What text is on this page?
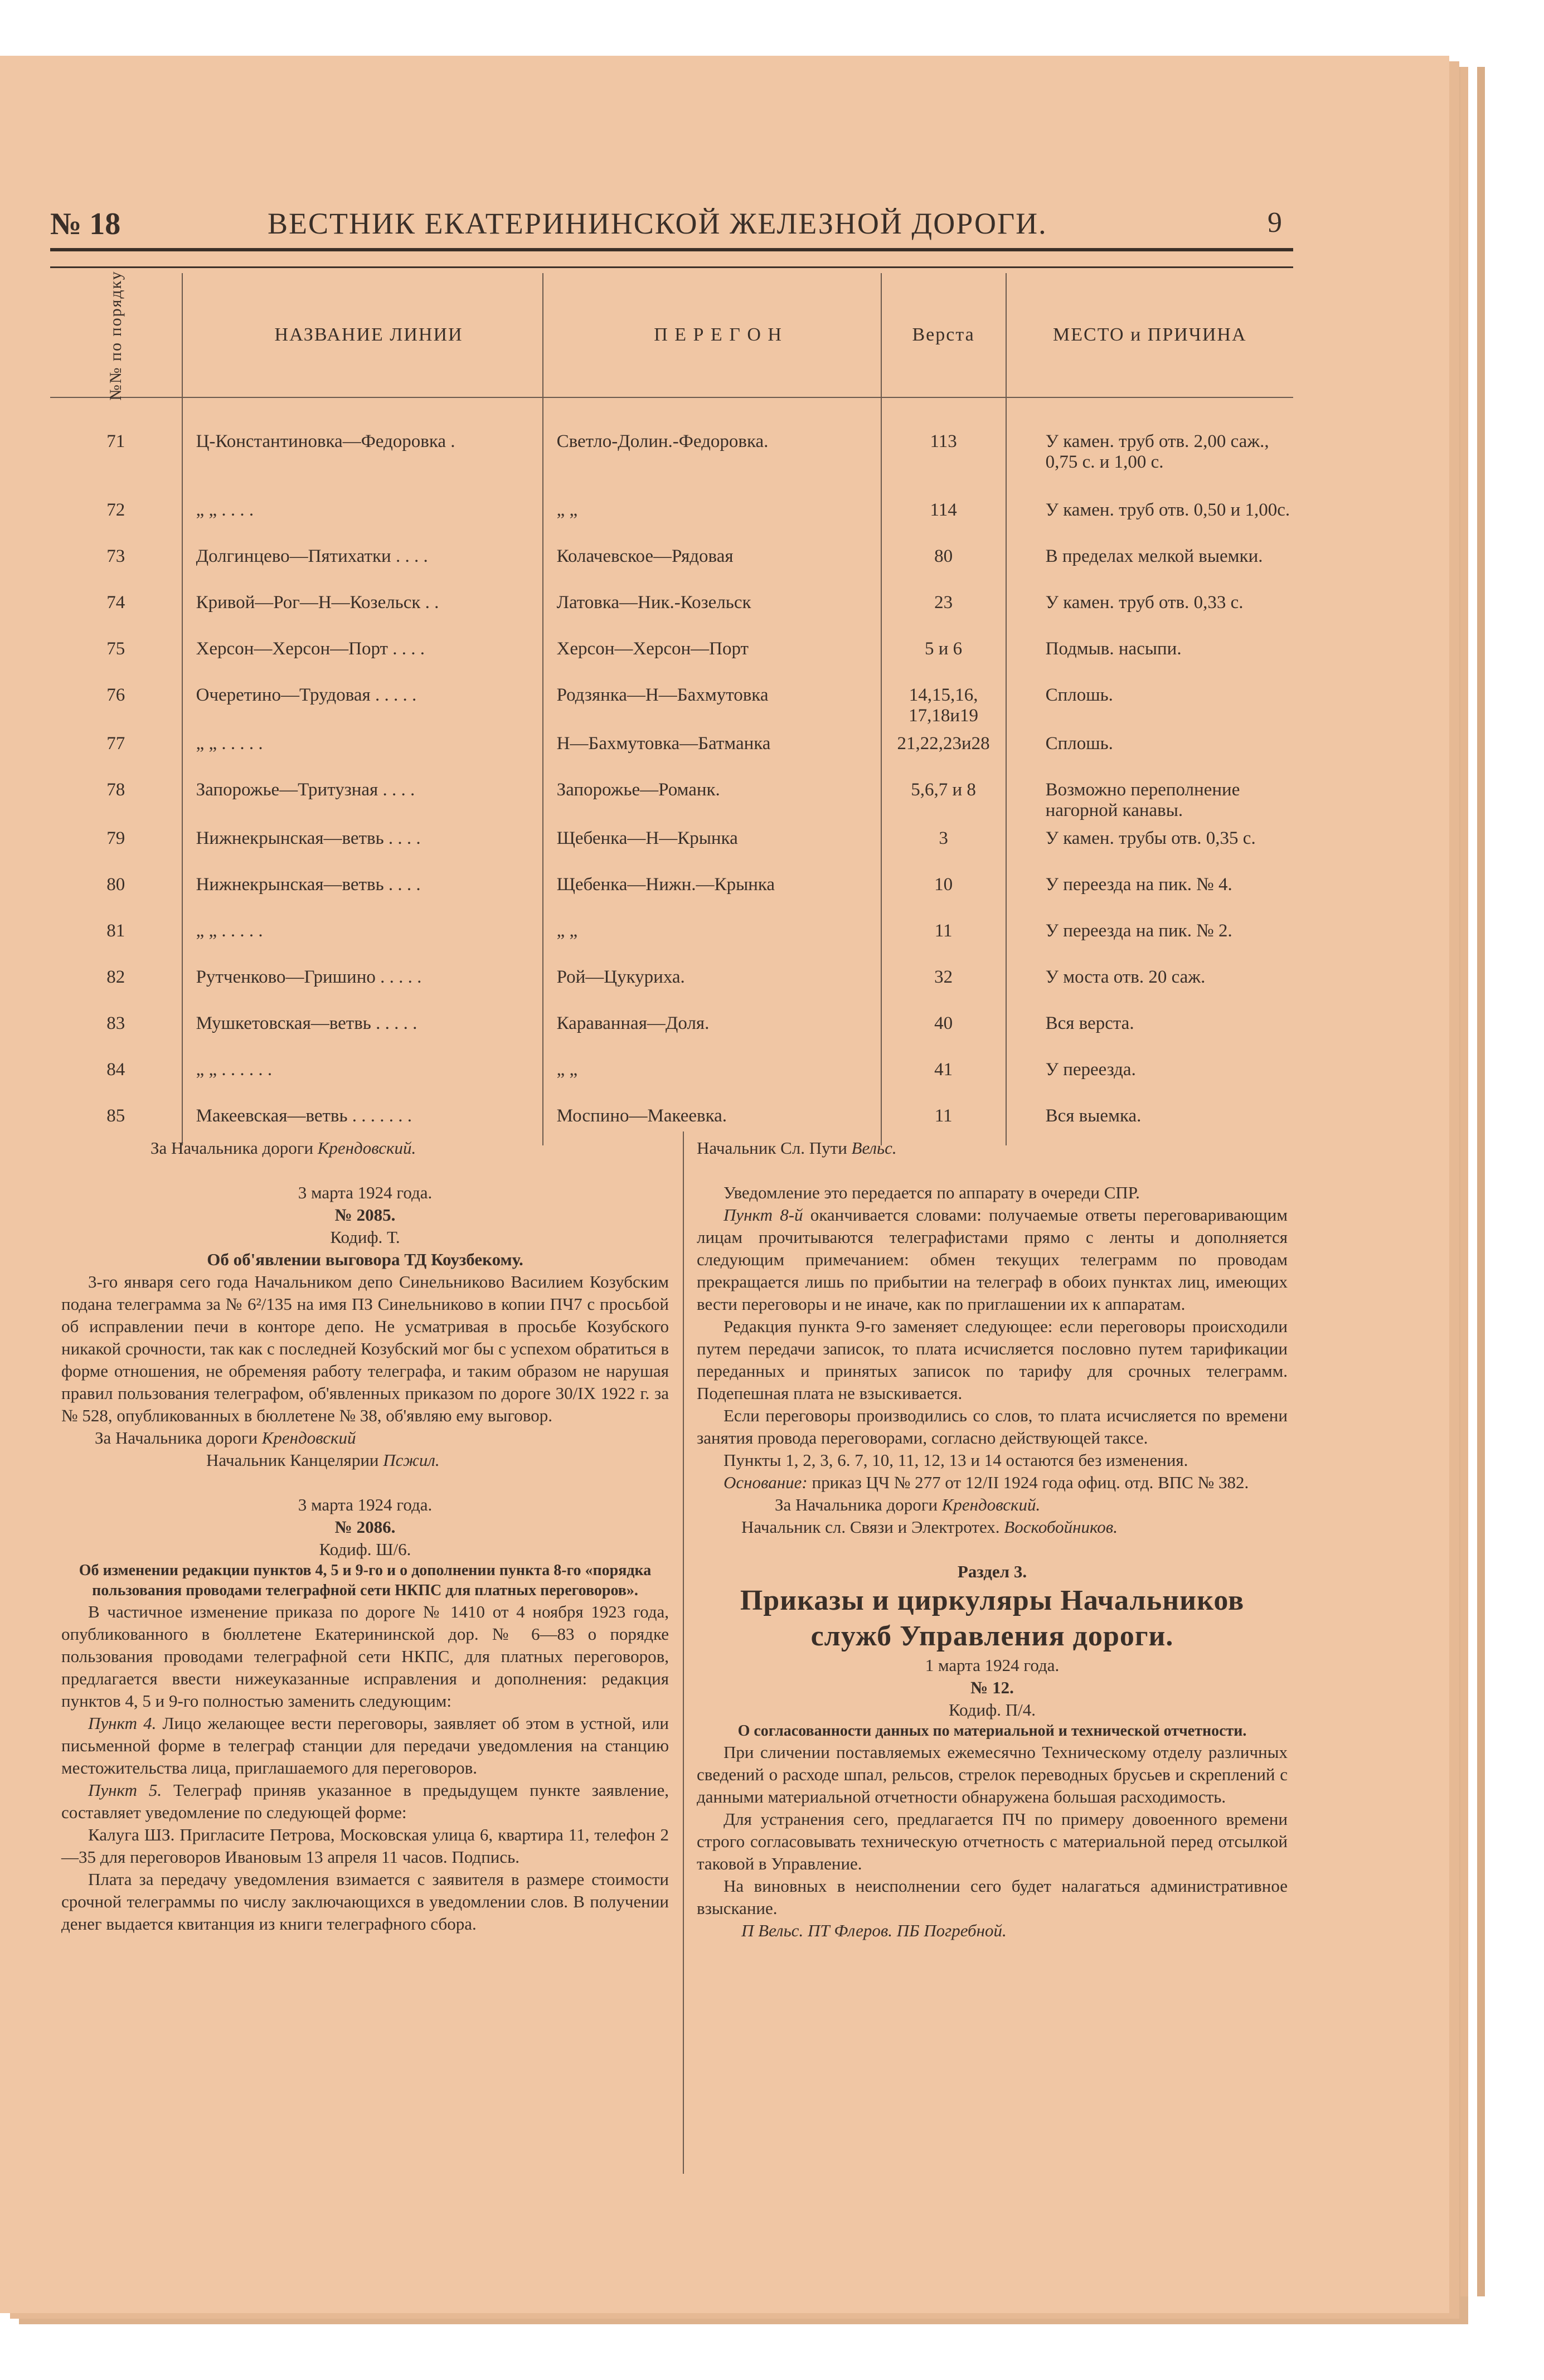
№ 18	ВЕСТНИК ЕКАТЕРИНИНСКОЙ ЖЕЛЕЗНОЙ ДОРОГИ.	9
№№ по порядку	НАЗВАНИЕ ЛИНИИ	П Е Р Е Г О Н	Верста	МЕСТО и ПРИЧИНА
71	Ц-Константиновка—Федоровка .	Светло-Долин.-Федоровка.	113	У камен. труб отв. 2,00 саж., 0,75 с. и 1,00 с.
72	„ „ . . . .	„ „	114	У камен. труб отв. 0,50 и 1,00с.
73	Долгинцево—Пятихатки . . . .	Колачевское—Рядовая	80	В пределах мелкой выемки.
74	Кривой—Рог—Н—Козельск . .	Латовка—Ник.-Козельск	23	У камен. труб отв. 0,33 с.
75	Херсон—Херсон—Порт . . . .	Херсон—Херсон—Порт	5 и 6	Подмыв. насыпи.
76	Очеретино—Трудовая . . . . .	Родзянка—Н—Бахмутовка	14,15,16, 17,18и19	Сплошь.
77	„ „ . . . . .	Н—Бахмутовка—Батманка	21,22,23и28	Сплошь.
78	Запорожье—Тритузная . . . .	Запорожье—Романк.	5,6,7 и 8	Возможно переполнение нагорной канавы.
79	Нижнекрынская—ветвь . . . .	Щебенка—Н—Крынка	3	У камен. трубы отв. 0,35 с.
80	Нижнекрынская—ветвь . . . .	Щебенка—Нижн.—Крынка	10	У переезда на пик. № 4.
81	„ „ . . . . .	„ „	11	У переезда на пик. № 2.
82	Рутченково—Гришино . . . . .	Рой—Цукуриха.	32	У моста отв. 20 саж.
83	Мушкетовская—ветвь . . . . .	Караванная—Доля.	40	Вся верста.
84	„ „ . . . . . .	„ „	41	У переезда.
85	Макеевская—ветвь . . . . . . .	Моспино—Макеевка.	11	Вся выемка.

За Начальника дороги Крендовский.

3 марта 1924 года.

№ 2085.

Кодиф. Т.

Об об'явлении выговора ТД Коузбекому.

3-го января сего года Начальником депо Синельниково Василием Козубским подана телеграмма за № 6²/135 на имя ПЗ Синельниково в копии ПЧ7 с просьбой об исправлении печи в конторе депо. Не усматривая в просьбе Козубского никакой срочности, так как с последней Козубский мог бы с успехом обратиться в форме отношения, не обременяя работу телеграфа, и таким образом не нарушая правил пользования телеграфом, об'явленных приказом по дороге 30/IX 1922 г. за № 528, опубликованных в бюллетене № 38, об'являю ему выговор.

За Начальника дороги Крендовский

Начальник Канцелярии Псжил.

3 марта 1924 года.

№ 2086.

Кодиф. Ш/6.

Об изменении редакции пунктов 4, 5 и 9-го и о дополнении пункта 8-го «порядка пользования проводами телеграфной сети НКПС для платных переговоров».

В частичное изменение приказа по дороге № 1410 от 4 ноября 1923 года, опубликованного в бюллетене Екатерининской дор. № 6—83 о порядке пользования проводами телеграфной сети НКПС, для платных переговоров, предлагается ввести нижеуказанные исправления и дополнения: редакция пунктов 4, 5 и 9-го полностью заменить следующим:

Пункт 4. Лицо желающее вести переговоры, заявляет об этом в устной, или письменной форме в телеграф станции для передачи уведомления на станцию местожительства лица, приглашаемого для переговоров.

Пункт 5. Телеграф приняв указанное в предыдущем пункте заявление, составляет уведомление по следующей форме:

Калуга ШЗ. Пригласите Петрова, Московская улица 6, квартира 11, телефон 2—35 для переговоров Ивановым 13 апреля 11 часов. Подпись.

Плата за передачу уведомления взимается с заявителя в размере стоимости срочной телеграммы по числу заключающихся в уведомлении слов. В получении денег выдается квитанция из книги телеграфного сбора.

Начальник Сл. Пути Вельс.

Уведомление это передается по аппарату в очереди СПР.

Пункт 8-й оканчивается словами: получаемые ответы переговаривающим лицам прочитываются телеграфистами прямо с ленты и дополняется следующим примечанием: обмен текущих телеграмм по проводам прекращается лишь по прибытии на телеграф в обоих пунктах лиц, имеющих вести переговоры и не иначе, как по приглашении их к аппаратам.

Редакция пункта 9-го заменяет следующее: если переговоры происходили путем передачи записок, то плата исчисляется пословно путем тарификации переданных и принятых записок по тарифу для срочных телеграмм. Подепешная плата не взыскивается.

Если переговоры производились со слов, то плата исчисляется по времени занятия провода переговорами, согласно действующей таксе.

Пункты 1, 2, 3, 6. 7, 10, 11, 12, 13 и 14 остаются без изменения.

Основание: приказ ЦЧ № 277 от 12/II 1924 года офиц. отд. ВПС № 382.

За Начальника дороги Крендовский.

Начальник сл. Связи и Электротех. Воскобойников.

Раздел 3.

Приказы и циркуляры Начальников служб Управления дороги.

1 марта 1924 года.

№ 12.

Кодиф. П/4.

О согласованности данных по материальной и технической отчетности.

При сличении поставляемых ежемесячно Техническому отделу различных сведений о расходе шпал, рельсов, стрелок переводных брусьев и скреплений с данными материальной отчетности обнаружена большая расходимость.

Для устранения сего, предлагается ПЧ по примеру довоенного времени строго согласовывать техническую отчетность с материальной перед отсылкой таковой в Управление.

На виновных в неисполнении сего будет налагаться административное взыскание.

П Вельс. ПТ Флеров. ПБ Погребной.
